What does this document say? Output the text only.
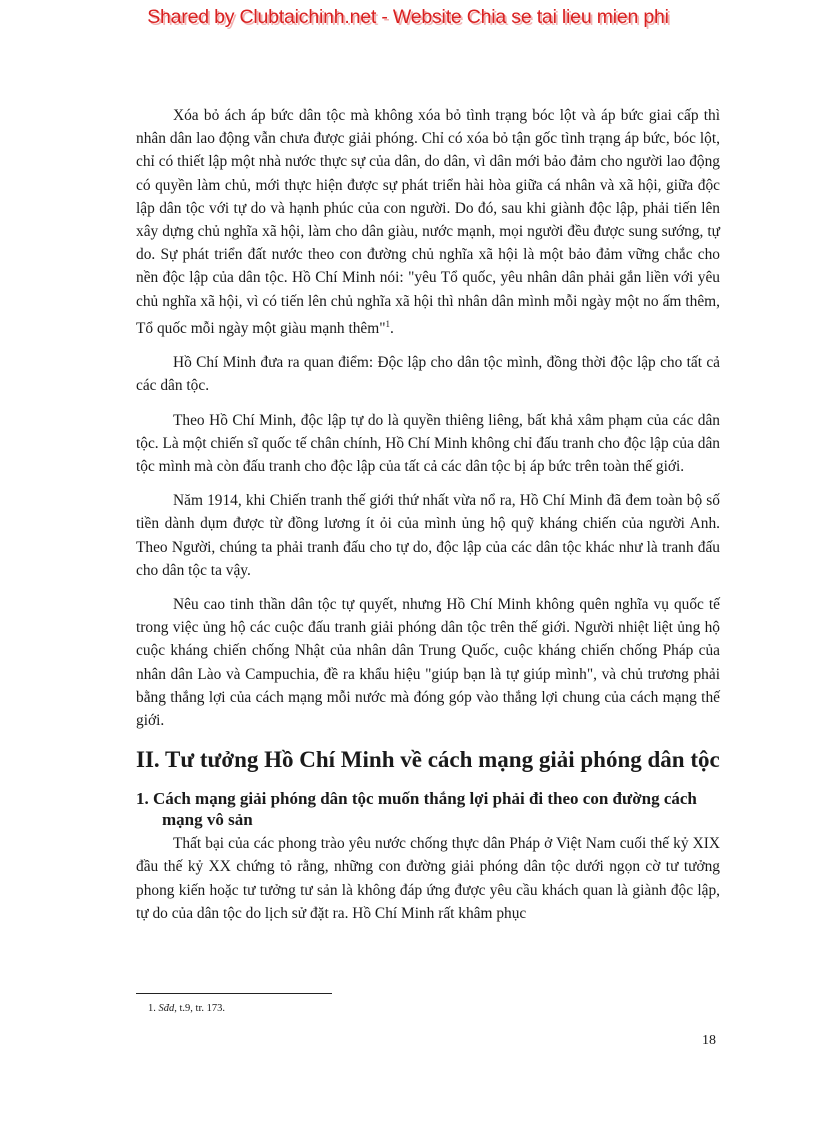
Shared by Clubtaichinh.net - Website Chia se tai lieu mien phi

Xóa bỏ ách áp bức dân tộc mà không xóa bỏ tình trạng bóc lột và áp bức giai cấp thì nhân dân lao động vẫn chưa được giải phóng. Chỉ có xóa bỏ tận gốc tình trạng áp bức, bóc lột, chỉ có thiết lập một nhà nước thực sự của dân, do dân, vì dân mới bảo đảm cho người lao động có quyền làm chủ, mới thực hiện được sự phát triển hài hòa giữa cá nhân và xã hội, giữa độc lập dân tộc với tự do và hạnh phúc của con người. Do đó, sau khi giành độc lập, phải tiến lên xây dựng chủ nghĩa xã hội, làm cho dân giàu, nước mạnh, mọi người đều được sung sướng, tự do. Sự phát triển đất nước theo con đường chủ nghĩa xã hội là một bảo đảm vững chắc cho nền độc lập của dân tộc. Hồ Chí Minh nói: "yêu Tổ quốc, yêu nhân dân phải gắn liền với yêu chủ nghĩa xã hội, vì có tiến lên chủ nghĩa xã hội thì nhân dân mình mỗi ngày một no ấm thêm, Tổ quốc mỗi ngày một giàu mạnh thêm"$^1$.

Hồ Chí Minh đưa ra quan điểm: Độc lập cho dân tộc mình, đồng thời độc lập cho tất cả các dân tộc.

Theo Hồ Chí Minh, độc lập tự do là quyền thiêng liêng, bất khả xâm phạm của các dân tộc. Là một chiến sĩ quốc tế chân chính, Hồ Chí Minh không chỉ đấu tranh cho độc lập của dân tộc mình mà còn đấu tranh cho độc lập của tất cả các dân tộc bị áp bức trên toàn thế giới.

Năm 1914, khi Chiến tranh thế giới thứ nhất vừa nổ ra, Hồ Chí Minh đã đem toàn bộ số tiền dành dụm được từ đồng lương ít ỏi của mình ủng hộ quỹ kháng chiến của người Anh. Theo Người, chúng ta phải tranh đấu cho tự do, độc lập của các dân tộc khác như là tranh đấu cho dân tộc ta vậy.

Nêu cao tinh thần dân tộc tự quyết, nhưng Hồ Chí Minh không quên nghĩa vụ quốc tế trong việc ủng hộ các cuộc đấu tranh giải phóng dân tộc trên thế giới. Người nhiệt liệt ủng hộ cuộc kháng chiến chống Nhật của nhân dân Trung Quốc, cuộc kháng chiến chống Pháp của nhân dân Lào và Campuchia, đề ra khẩu hiệu "giúp bạn là tự giúp mình", và chủ trương phải bằng thắng lợi của cách mạng mỗi nước mà đóng góp vào thắng lợi chung của cách mạng thế giới.

II. Tư tưởng Hồ Chí Minh về cách mạng giải phóng dân tộc
1. Cách mạng giải phóng dân tộc muốn thắng lợi phải đi theo con đường cách mạng vô sản

Thất bại của các phong trào yêu nước chống thực dân Pháp ở Việt Nam cuối thế kỷ XIX đầu thế kỷ XX chứng tỏ rằng, những con đường giải phóng dân tộc dưới ngọn cờ tư tưởng phong kiến hoặc tư tưởng tư sản là không đáp ứng được yêu cầu khách quan là giành độc lập, tự do của dân tộc do lịch sử đặt ra. Hồ Chí Minh rất khâm phục

1. Sđd, t.9, tr. 173.
18
